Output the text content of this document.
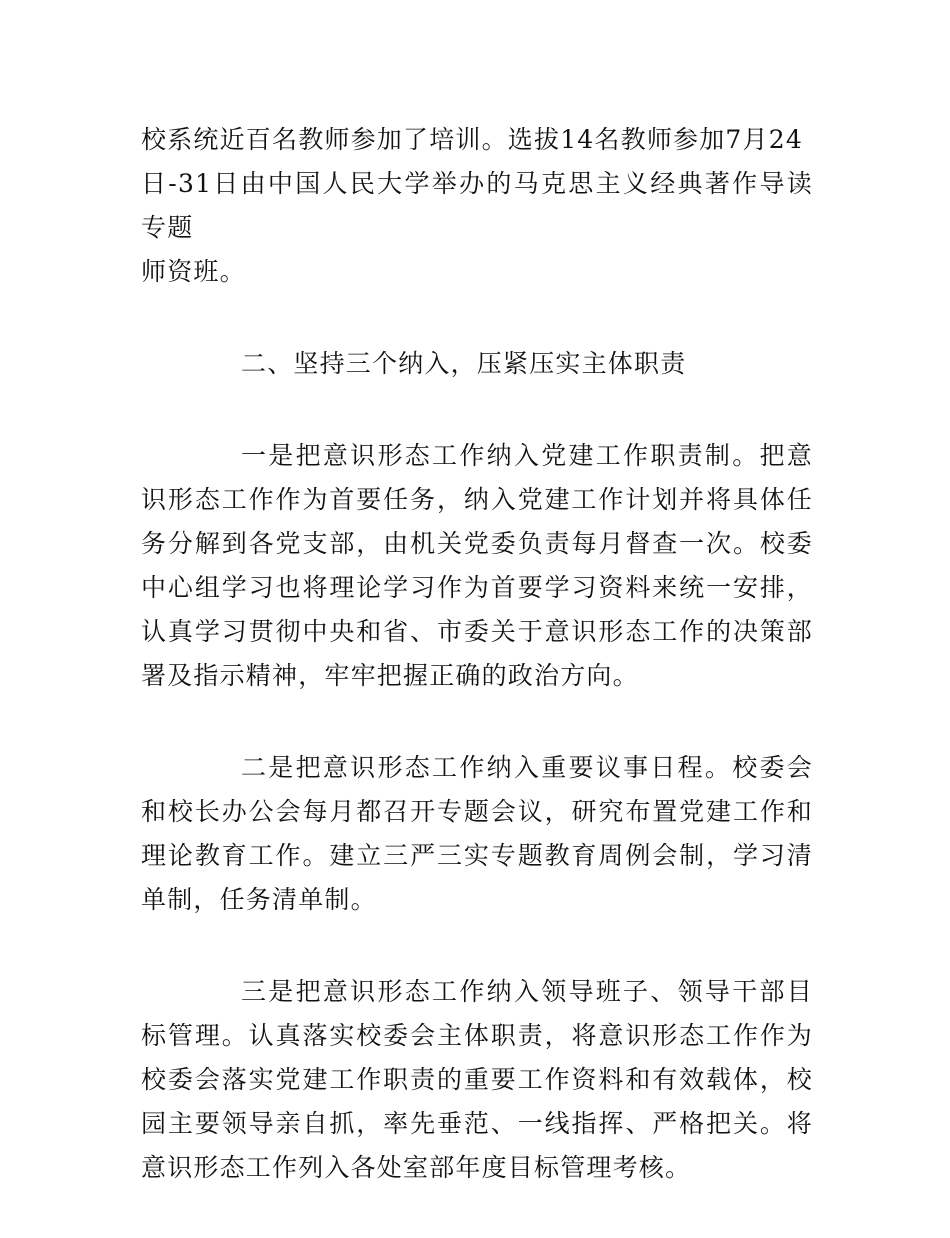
校系统近百名教师参加了培训。选拔14名教师参加7月24
日-31日由中国人民大学举办的马克思主义经典著作导读专题
师资班。

二、坚持三个纳入，压紧压实主体职责

一是把意识形态工作纳入党建工作职责制。把意识形态工作作为首要任务，纳入党建工作计划并将具体任务分解到各党支部，由机关党委负责每月督查一次。校委中心组学习也将理论学习作为首要学习资料来统一安排，认真学习贯彻中央和省、市委关于意识形态工作的决策部署及指示精神，牢牢把握正确的政治方向。

二是把意识形态工作纳入重要议事日程。校委会和校长办公会每月都召开专题会议，研究布置党建工作和理论教育工作。建立三严三实专题教育周例会制，学习清单制，任务清单制。

三是把意识形态工作纳入领导班子、领导干部目标管理。认真落实校委会主体职责，将意识形态工作作为校委会落实党建工作职责的重要工作资料和有效载体，校园主要领导亲自抓，率先垂范、一线指挥、严格把关。将意识形态工作列入各处室部年度目标管理考核。
